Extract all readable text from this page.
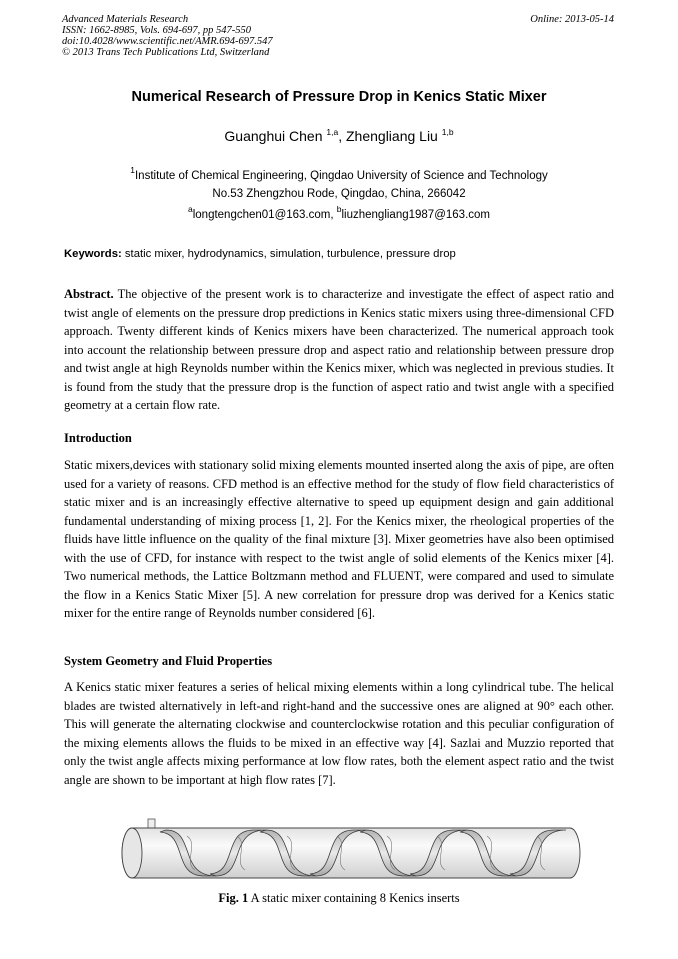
Advanced Materials Research
ISSN: 1662-8985, Vols. 694-697, pp 547-550
doi:10.4028/www.scientific.net/AMR.694-697.547
© 2013 Trans Tech Publications Ltd, Switzerland
Online: 2013-05-14
Numerical Research of Pressure Drop in Kenics Static Mixer
Guanghui Chen $^{1,a}$, Zhengliang Liu $^{1,b}$
$^1$Institute of Chemical Engineering, Qingdao University of Science and Technology
No.53 Zhengzhou Rode, Qingdao, China, 266042
$^a$longtengchen01@163.com, $^b$liuzhengliang1987@163.com
Keywords: static mixer, hydrodynamics, simulation, turbulence, pressure drop
Abstract. The objective of the present work is to characterize and investigate the effect of aspect ratio and twist angle of elements on the pressure drop predictions in Kenics static mixers using three-dimensional CFD approach. Twenty different kinds of Kenics mixers have been characterized. The numerical approach took into account the relationship between pressure drop and aspect ratio and relationship between pressure drop and twist angle at high Reynolds number within the Kenics mixer, which was neglected in previous studies. It is found from the study that the pressure drop is the function of aspect ratio and twist angle with a specified geometry at a certain flow rate.
Introduction
Static mixers,devices with stationary solid mixing elements mounted inserted along the axis of pipe, are often used for a variety of reasons. CFD method is an effective method for the study of flow field characteristics of static mixer and is an increasingly effective alternative to speed up equipment design and gain additional fundamental understanding of mixing process [1, 2]. For the Kenics mixer, the rheological properties of the fluids have little influence on the quality of the final mixture [3]. Mixer geometries have also been optimised with the use of CFD, for instance with respect to the twist angle of solid elements of the Kenics mixer [4]. Two numerical methods, the Lattice Boltzmann method and FLUENT, were compared and used to simulate the flow in a Kenics Static Mixer [5]. A new correlation for pressure drop was derived for a Kenics static mixer for the entire range of Reynolds number considered [6].
System Geometry and Fluid Properties
A Kenics static mixer features a series of helical mixing elements within a long cylindrical tube. The helical blades are twisted alternatively in left-and right-hand and the successive ones are aligned at 90° each other. This will generate the alternating clockwise and counterclockwise rotation and this peculiar configuration of the mixing elements allows the fluids to be mixed in an effective way [4]. Sazlai and Muzzio reported that only the twist angle affects mixing performance at low flow rates, both the element aspect ratio and the twist angle are shown to be important at high flow rates [7].
Fig. 1 A static mixer containing 8 Kenics inserts
